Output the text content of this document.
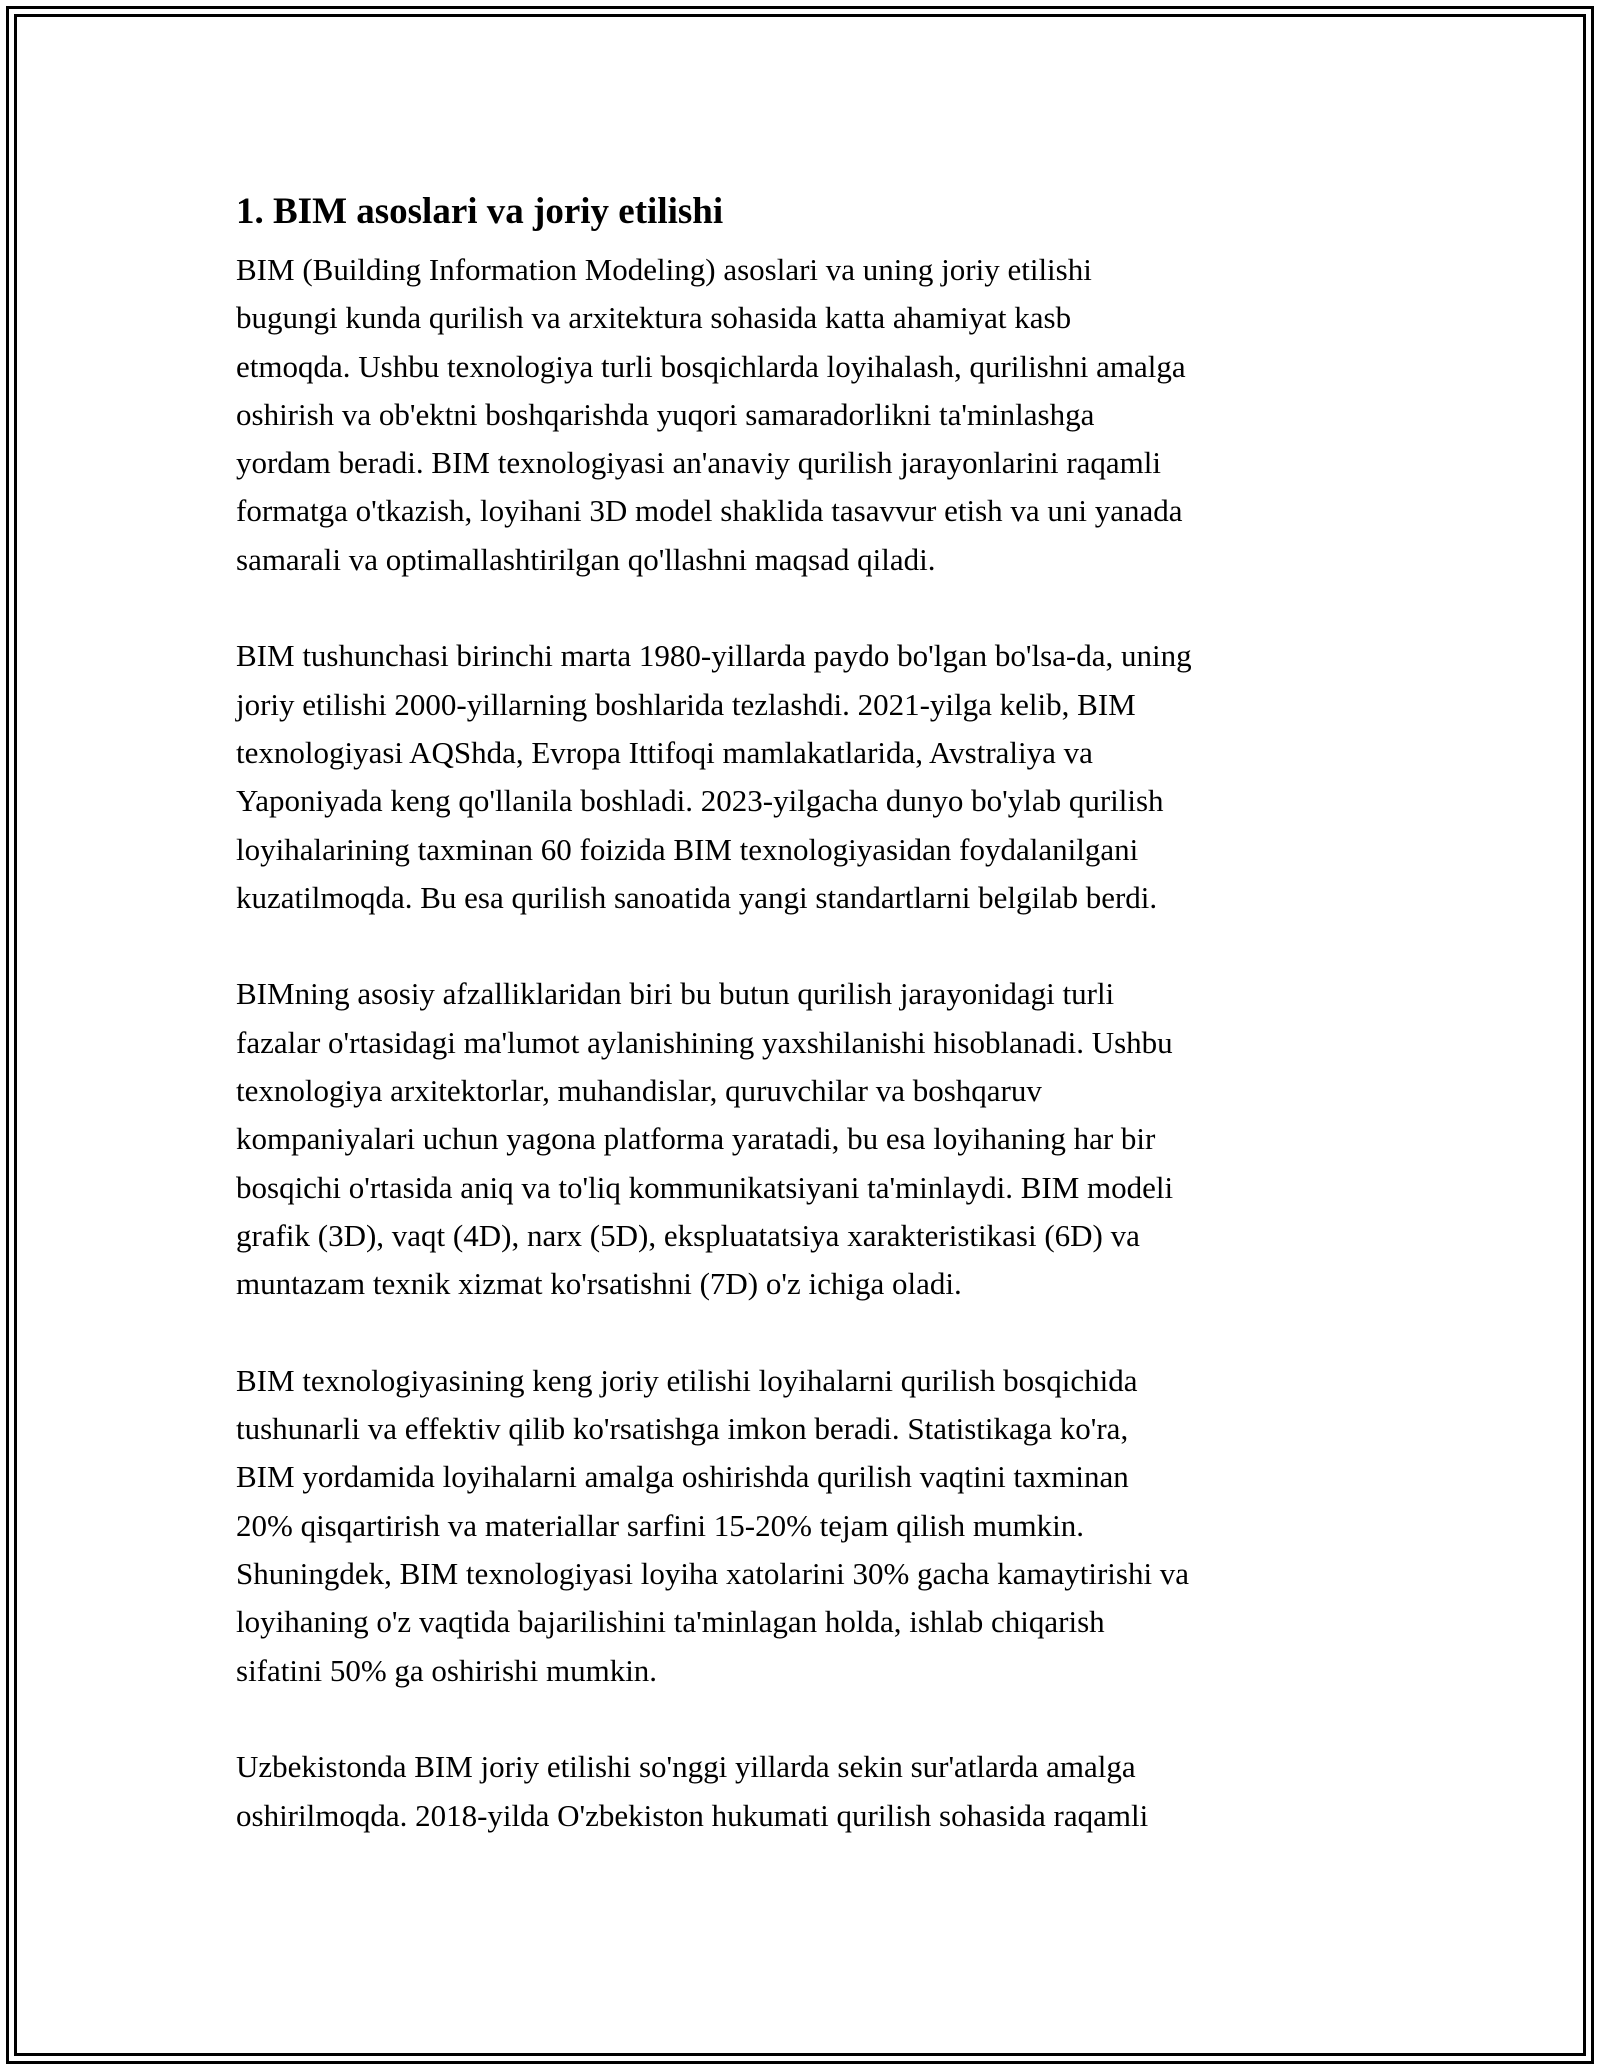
1. BIM asoslari va joriy etilishi
BIM (Building Information Modeling) asoslari va uning joriy etilishi
bugungi kunda qurilish va arxitektura sohasida katta ahamiyat kasb
etmoqda. Ushbu texnologiya turli bosqichlarda loyihalash, qurilishni amalga
oshirish va ob'ektni boshqarishda yuqori samaradorlikni ta'minlashga
yordam beradi. BIM texnologiyasi an'anaviy qurilish jarayonlarini raqamli
formatga o'tkazish, loyihani 3D model shaklida tasavvur etish va uni yanada
samarali va optimallashtirilgan qo'llashni maqsad qiladi.
BIM tushunchasi birinchi marta 1980-yillarda paydo bo'lgan bo'lsa-da, uning
joriy etilishi 2000-yillarning boshlarida tezlashdi. 2021-yilga kelib, BIM
texnologiyasi AQShda, Evropa Ittifoqi mamlakatlarida, Avstraliya va
Yaponiyada keng qo'llanila boshladi. 2023-yilgacha dunyo bo'ylab qurilish
loyihalarining taxminan 60 foizida BIM texnologiyasidan foydalanilgani
kuzatilmoqda. Bu esa qurilish sanoatida yangi standartlarni belgilab berdi.
BIMning asosiy afzalliklaridan biri bu butun qurilish jarayonidagi turli
fazalar o'rtasidagi ma'lumot aylanishining yaxshilanishi hisoblanadi. Ushbu
texnologiya arxitektorlar, muhandislar, quruvchilar va boshqaruv
kompaniyalari uchun yagona platforma yaratadi, bu esa loyihaning har bir
bosqichi o'rtasida aniq va to'liq kommunikatsiyani ta'minlaydi. BIM modeli
grafik (3D), vaqt (4D), narx (5D), ekspluatatsiya xarakteristikasi (6D) va
muntazam texnik xizmat ko'rsatishni (7D) o'z ichiga oladi.
BIM texnologiyasining keng joriy etilishi loyihalarni qurilish bosqichida
tushunarli va effektiv qilib ko'rsatishga imkon beradi. Statistikaga ko'ra,
BIM yordamida loyihalarni amalga oshirishda qurilish vaqtini taxminan
20% qisqartirish va materiallar sarfini 15-20% tejam qilish mumkin.
Shuningdek, BIM texnologiyasi loyiha xatolarini 30% gacha kamaytirishi va
loyihaning o'z vaqtida bajarilishini ta'minlagan holda, ishlab chiqarish
sifatini 50% ga oshirishi mumkin.
Uzbekistonda BIM joriy etilishi so'nggi yillarda sekin sur'atlarda amalga
oshirilmoqda. 2018-yilda O'zbekiston hukumati qurilish sohasida raqamli
